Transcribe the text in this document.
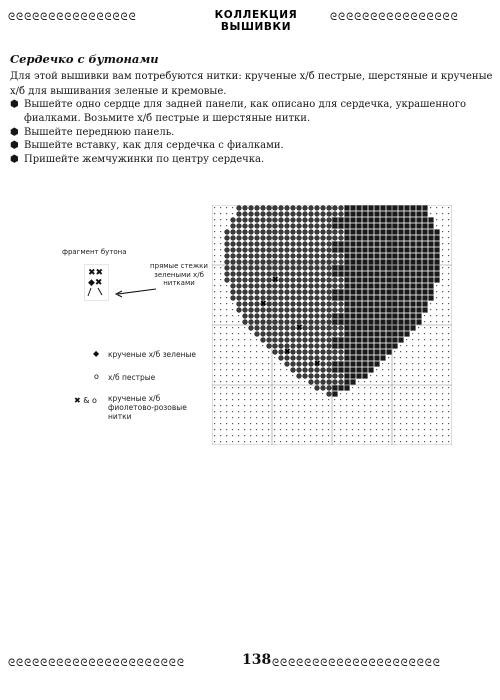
ᘓᘓᘓᘓᘓᘓᘓᘓᘓᘓᘓᘓᘓᘓᘓᘓ	КОЛЛЕКЦИЯ ВЫШИВКИ
ᘓᘓᘓᘓᘓᘓᘓᘓᘓᘓᘓᘓᘓᘓᘓᘓ
Сердечко с бутонами
Для этой вышивки вам потребуются нитки: крученые х/б пестрые, шерстяные и крученые х/б для вышивания зеленые и кремовые.
⬢ Вышейте одно сердце для задней панели, как описано для сердечка, украшенного фиалками. Возьмите х/б пестрые и шерстяные нитки.
⬢ Вышейте переднюю панель.
⬢ Вышейте вставку, как для сердечка с фиалками.
⬢ Пришейте жемчужинки по центру сердечка.
фрагмент бутона
✖✖
◆✖
прямые стежки зелеными х/б нитками
◆ крученые х/б зеленые
o х/б пестрые
✖ & o крученые х/б фиолетово-розовые нитки
✖
✖
✖
✖
✖
ᘓᘓᘓᘓᘓᘓᘓᘓᘓᘓᘓᘓᘓᘓᘓᘓᘓᘓᘓᘓᘓᘓ	138 ᘓᘓᘓᘓᘓᘓᘓᘓᘓᘓᘓᘓᘓᘓᘓᘓᘓᘓᘓᘓᘓ
